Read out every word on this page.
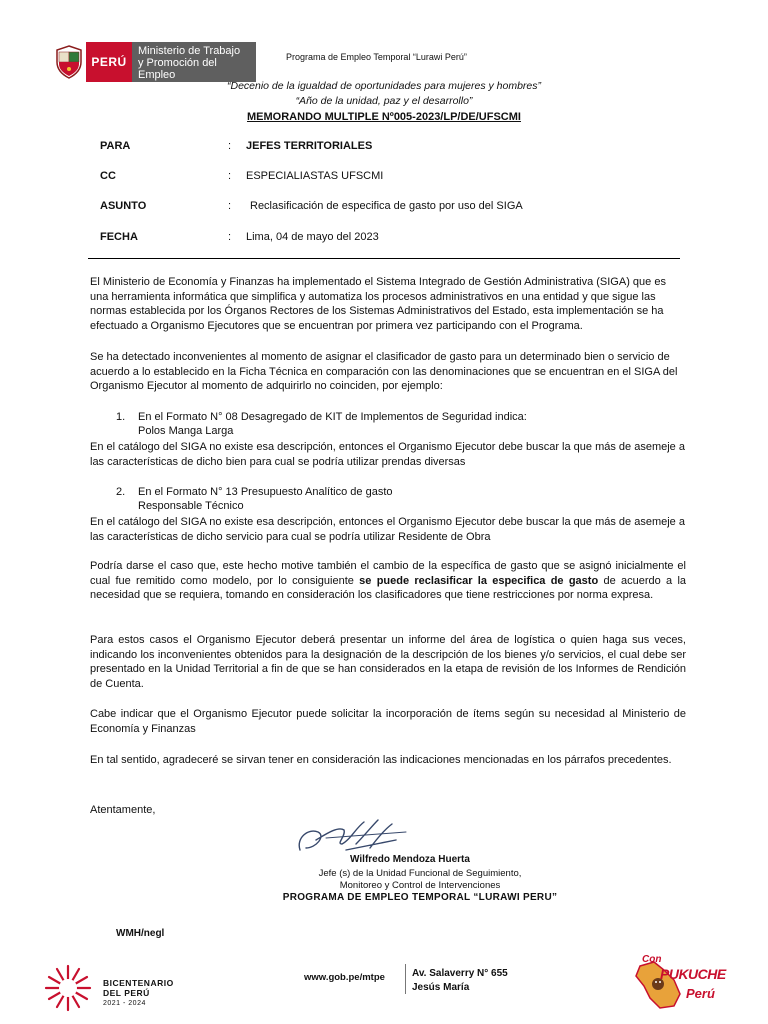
PERÚ
Ministerio de Trabajo
y Promoción del Empleo
Programa de Empleo Temporal “Lurawi Perú”
“Decenio de la igualdad de oportunidades para mujeres y hombres”
“Año de la unidad, paz y el desarrollo”
MEMORANDO MULTIPLE Nº005-2023/LP/DE/UFSCMI
PARA	: JEFES TERRITORIALES
CC	: ESPECIALIASTAS UFSCMI
ASUNTO	: Reclasificación de especifica de gasto por uso del SIGA
FECHA	: Lima, 04 de mayo del 2023
El Ministerio de Economía y Finanzas ha implementado el Sistema Integrado de Gestión Administrativa (SIGA) que es una herramienta informática que simplifica y automatiza los procesos administrativos en una entidad y que sigue las normas establecida por los Órganos Rectores de los Sistemas Administrativos del Estado, esta implementación se ha efectuado a Organismo Ejecutores que se encuentran por primera vez participando con el Programa.
Se ha detectado inconvenientes al momento de asignar el clasificador de gasto para un determinado bien o servicio de acuerdo a lo establecido en la Ficha Técnica en comparación con las denominaciones que se encuentran en el SIGA del Organismo Ejecutor al momento de adquirirlo no coinciden, por ejemplo:
1. En el Formato N° 08 Desagregado de KIT de Implementos de Seguridad indica:
Polos Manga Larga
En el catálogo del SIGA no existe esa descripción, entonces el Organismo Ejecutor debe buscar la que más de asemeje a las características de dicho bien para cual se podría utilizar prendas diversas
2. En el Formato N° 13 Presupuesto Analítico de gasto
Responsable Técnico
En el catálogo del SIGA no existe esa descripción, entonces el Organismo Ejecutor debe buscar la que más de asemeje a las características de dicho servicio para cual se podría utilizar Residente de Obra
Podría darse el caso que, este hecho motive también el cambio de la específica de gasto que se asignó inicialmente el cual fue remitido como modelo, por lo consiguiente se puede reclasificar la especifica de gasto de acuerdo a la necesidad que se requiera, tomando en consideración los clasificadores que tiene restricciones por norma expresa.
Para estos casos el Organismo Ejecutor deberá presentar un informe del área de logística o quien haga sus veces, indicando los inconvenientes obtenidos para la designación de la descripción de los bienes y/o servicios, el cual debe ser presentado en la Unidad Territorial a fin de que se han considerados en la etapa de revisión de los Informes de Rendición de Cuenta.
Cabe indicar que el Organismo Ejecutor puede solicitar la incorporación de ítems según su necesidad al Ministerio de Economía y Finanzas
En tal sentido, agradeceré se sirvan tener en consideración las indicaciones mencionadas en los párrafos precedentes.
Atentamente,
Wilfredo Mendoza Huerta
Jefe (s) de la Unidad Funcional de Seguimiento,
Monitoreo y Control de Intervenciones
PROGRAMA DE EMPLEO TEMPORAL “LURAWI PERU”
WMH/negl
BICENTENARIO
DEL PERÚ
2021 - 2024
www.gob.pe/mtpe	Av. Salaverry N° 655
Jesús María
Con
PUKUCHE
Perú
